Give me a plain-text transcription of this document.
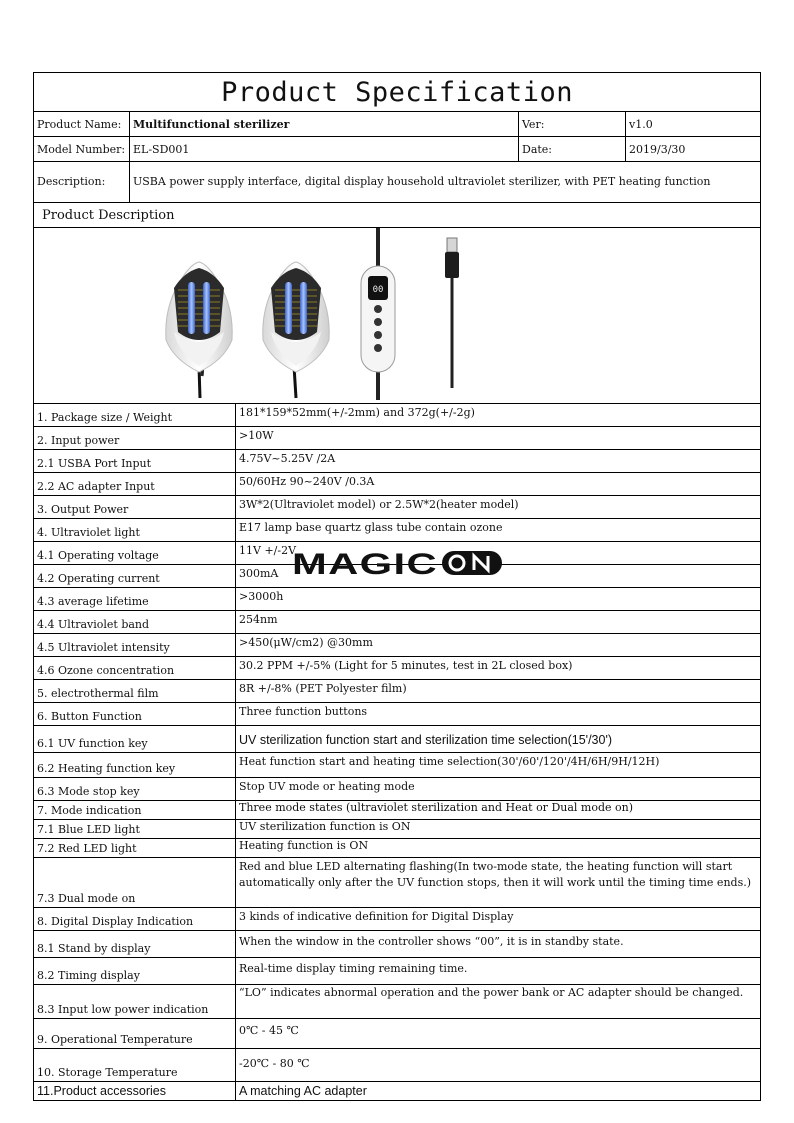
Product Specification				
Product Name:	Multifunctional sterilizer		Ver:	v1.0
Model Number:	EL-SD001		Date:	2019/3/30
Description:	USBA power supply interface, digital display household ultraviolet sterilizer, with PET heating function			
Product Description				

00				

1. Package size / Weight		181*159*52mm(+/-2mm) and 372g(+/-2g)		
2. Input power		>10W		
2.1 USBA Port Input		4.75V~5.25V /2A		
2.2 AC adapter Input		50/60Hz 90~240V /0.3A		
3. Output Power		3W*2(Ultraviolet model) or 2.5W*2(heater model)		
4. Ultraviolet light		E17 lamp base quartz glass tube contain ozone		
4.1 Operating voltage		11V +/-2V		
4.2 Operating current		300mA		
4.3 average lifetime		>3000h		
4.4 Ultraviolet band		254nm		
4.5 Ultraviolet intensity		>450(μW/cm2) @30mm		
4.6 Ozone concentration		30.2 PPM +/-5% (Light for 5 minutes, test in 2L closed box)		
5. electrothermal film		8R +/-8% (PET Polyester film)		
6. Button Function		Three function buttons		
6.1 UV function key		UV sterilization function start and sterilization time selection(15'/30')		
6.2 Heating function key		Heat function start and heating time selection(30'/60'/120'/4H/6H/9H/12H)		
6.3 Mode stop key		Stop UV mode or heating mode		
7. Mode indication		Three mode states (ultraviolet sterilization and Heat or Dual mode on)		
7.1 Blue LED light		UV sterilization function is ON		
7.2 Red LED light		Heating function is ON		
7.3 Dual mode on		Red and blue LED alternating flashing(In two-mode state, the heating function will start automatically only after the UV function stops, then it will work until the timing time ends.)		
8. Digital Display Indication		3 kinds of indicative definition for Digital Display		
8.1 Stand by display		When the window in the controller shows “00”, it is in standby state.		
8.2 Timing display		Real-time display timing remaining time.		
8.3 Input low power indication		“LO” indicates abnormal operation and the power bank or AC adapter should be changed.		
9. Operational Temperature		0℃ - 45 ℃		
10. Storage Temperature		-20℃ - 80 ℃		
11.Product accessories		A matching AC adapter		
MAGIC
